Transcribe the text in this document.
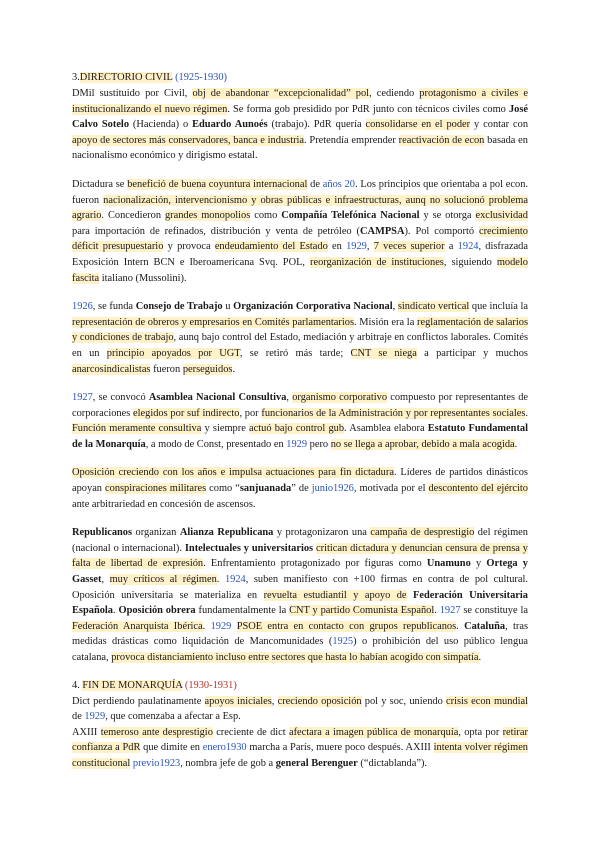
3.DIRECTORIO CIVIL (1925-1930)

DMil sustituido por Civil, obj de abandonar “excepcionalidad” pol, cediendo protagonismo a civiles e institucionalizando el nuevo régimen. Se forma gob presidido por PdR junto con técnicos civiles como José Calvo Sotelo (Hacienda) o Eduardo Aunoés (trabajo). PdR quería consolidarse en el poder y contar con apoyo de sectores más conservadores, banca e industria. Pretendía emprender reactivación de econ basada en nacionalismo económico y dirigismo estatal.

Dictadura se benefició de buena coyuntura internacional de años 20. Los principios que orientaba a pol econ. fueron nacionalización, intervencionismo y obras públicas e infraestructuras, aunq no solucionó problema agrario. Concedieron grandes monopolios como Compañía Telefónica Nacional y se otorga exclusividad para importación de refinados, distribución y venta de petróleo (CAMPSA). Pol comportó crecimiento déficit presupuestario y provoca endeudamiento del Estado en 1929, 7 veces superior a 1924, disfrazada Exposición Intern BCN e Iberoamericana Svq. POL, reorganización de instituciones, siguiendo modelo fascita italiano (Mussolini).

1926, se funda Consejo de Trabajo u Organización Corporativa Nacional, sindicato vertical que incluía la representación de obreros y empresarios en Comités parlamentarios. Misión era la reglamentación de salarios y condiciones de trabajo, aunq bajo control del Estado, mediación y arbitraje en conflictos laborales. Comités en un principio apoyados por UGT, se retiró más tarde; CNT se niega a participar y muchos anarcosindicalistas fueron perseguidos.

1927, se convocó Asamblea Nacional Consultiva, organismo corporativo compuesto por representantes de corporaciones elegidos por suf indirecto, por funcionarios de la Administración y por representantes sociales. Función meramente consultiva y siempre actuó bajo control gub. Asamblea elabora Estatuto Fundamental de la Monarquía, a modo de Const, presentado en 1929 pero no se llega a aprobar, debido a mala acogida.

Oposición creciendo con los años e impulsa actuaciones para fin dictadura. Líderes de partidos dinásticos apoyan conspiraciones militares como “sanjuanada” de junio1926, motivada por el descontento del ejército ante arbitrariedad en concesión de ascensos.

Republicanos organizan Alianza Republicana y protagonizaron una campaña de desprestigio del régimen (nacional o internacional). Intelectuales y universitarios critican dictadura y denuncian censura de prensa y falta de libertad de expresión. Enfrentamiento protagonizado por figuras como Unamuno y Ortega y Gasset, muy críticos al régimen. 1924, suben manifiesto con +100 firmas en contra de pol cultural. Oposición universitaria se materializa en revuelta estudiantil y apoyo de Federación Universitaria Española. Oposición obrera fundamentalmente la CNT y partido Comunista Español. 1927 se constituye la Federación Anarquista Ibérica. 1929 PSOE entra en contacto con grupos republicanos. Cataluña, tras medidas drásticas como liquidación de Mancomunidades (1925) o prohibición del uso público lengua catalana, provoca distanciamiento incluso entre sectores que hasta lo habían acogido con simpatía.

4. FIN DE MONARQUÍA (1930-1931)

Dict perdiendo paulatinamente apoyos iniciales, creciendo oposición pol y soc, uniendo crisis econ mundial de 1929, que comenzaba a afectar a Esp.

AXIII temeroso ante desprestigio creciente de dict afectara a imagen pública de monarquía, opta por retirar confianza a PdR que dimite en enero1930 marcha a París, muere poco después. AXIII intenta volver régimen constitucional previo1923, nombra jefe de gob a general Berenguer (“dictablanda”).
